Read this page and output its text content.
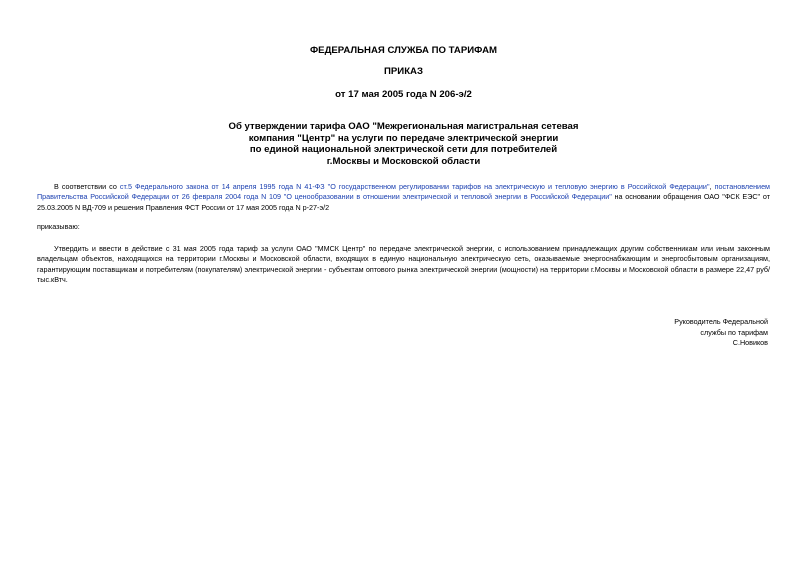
ФЕДЕРАЛЬНАЯ СЛУЖБА ПО ТАРИФАМ
ПРИКАЗ
от 17 мая 2005 года N 206-э/2
Об утверждении тарифа ОАО "Межрегиональная магистральная сетевая
компания "Центр" на услуги по передаче электрической энергии
по единой национальной электрической сети для потребителей
г.Москвы и Московской области
В соответствии со ст.5 Федерального закона от 14 апреля 1995 года N 41-ФЗ "О государственном регулировании тарифов на электрическую и тепловую энергию в Российской Федерации", постановлением Правительства Российской Федерации от 26 февраля 2004 года N 109 "О ценообразовании в отношении электрической и тепловой энергии в Российской Федерации" на основании обращения ОАО "ФСК ЕЭС" от 25.03.2005 N ВД-709 и решения Правления ФСТ России от 17 мая 2005 года N р-27-э/2
приказываю:
Утвердить и ввести в действие с 31 мая 2005 года тариф за услуги ОАО "ММСК Центр" по передаче электрической энергии, с использованием принадлежащих другим собственникам или иным законным владельцам объектов, находящихся на территории г.Москвы и Московской области, входящих в единую национальную электрическую сеть, оказываемые энергоснабжающим и энергосбытовым организациям, гарантирующим поставщикам и потребителям (покупателям) электрической энергии - субъектам оптового рынка электрической энергии (мощности) на территории г.Москвы и Московской области в размере 22,47 руб/тыс.кВтч.
Руководитель Федеральной
службы по тарифам
С.Новиков
